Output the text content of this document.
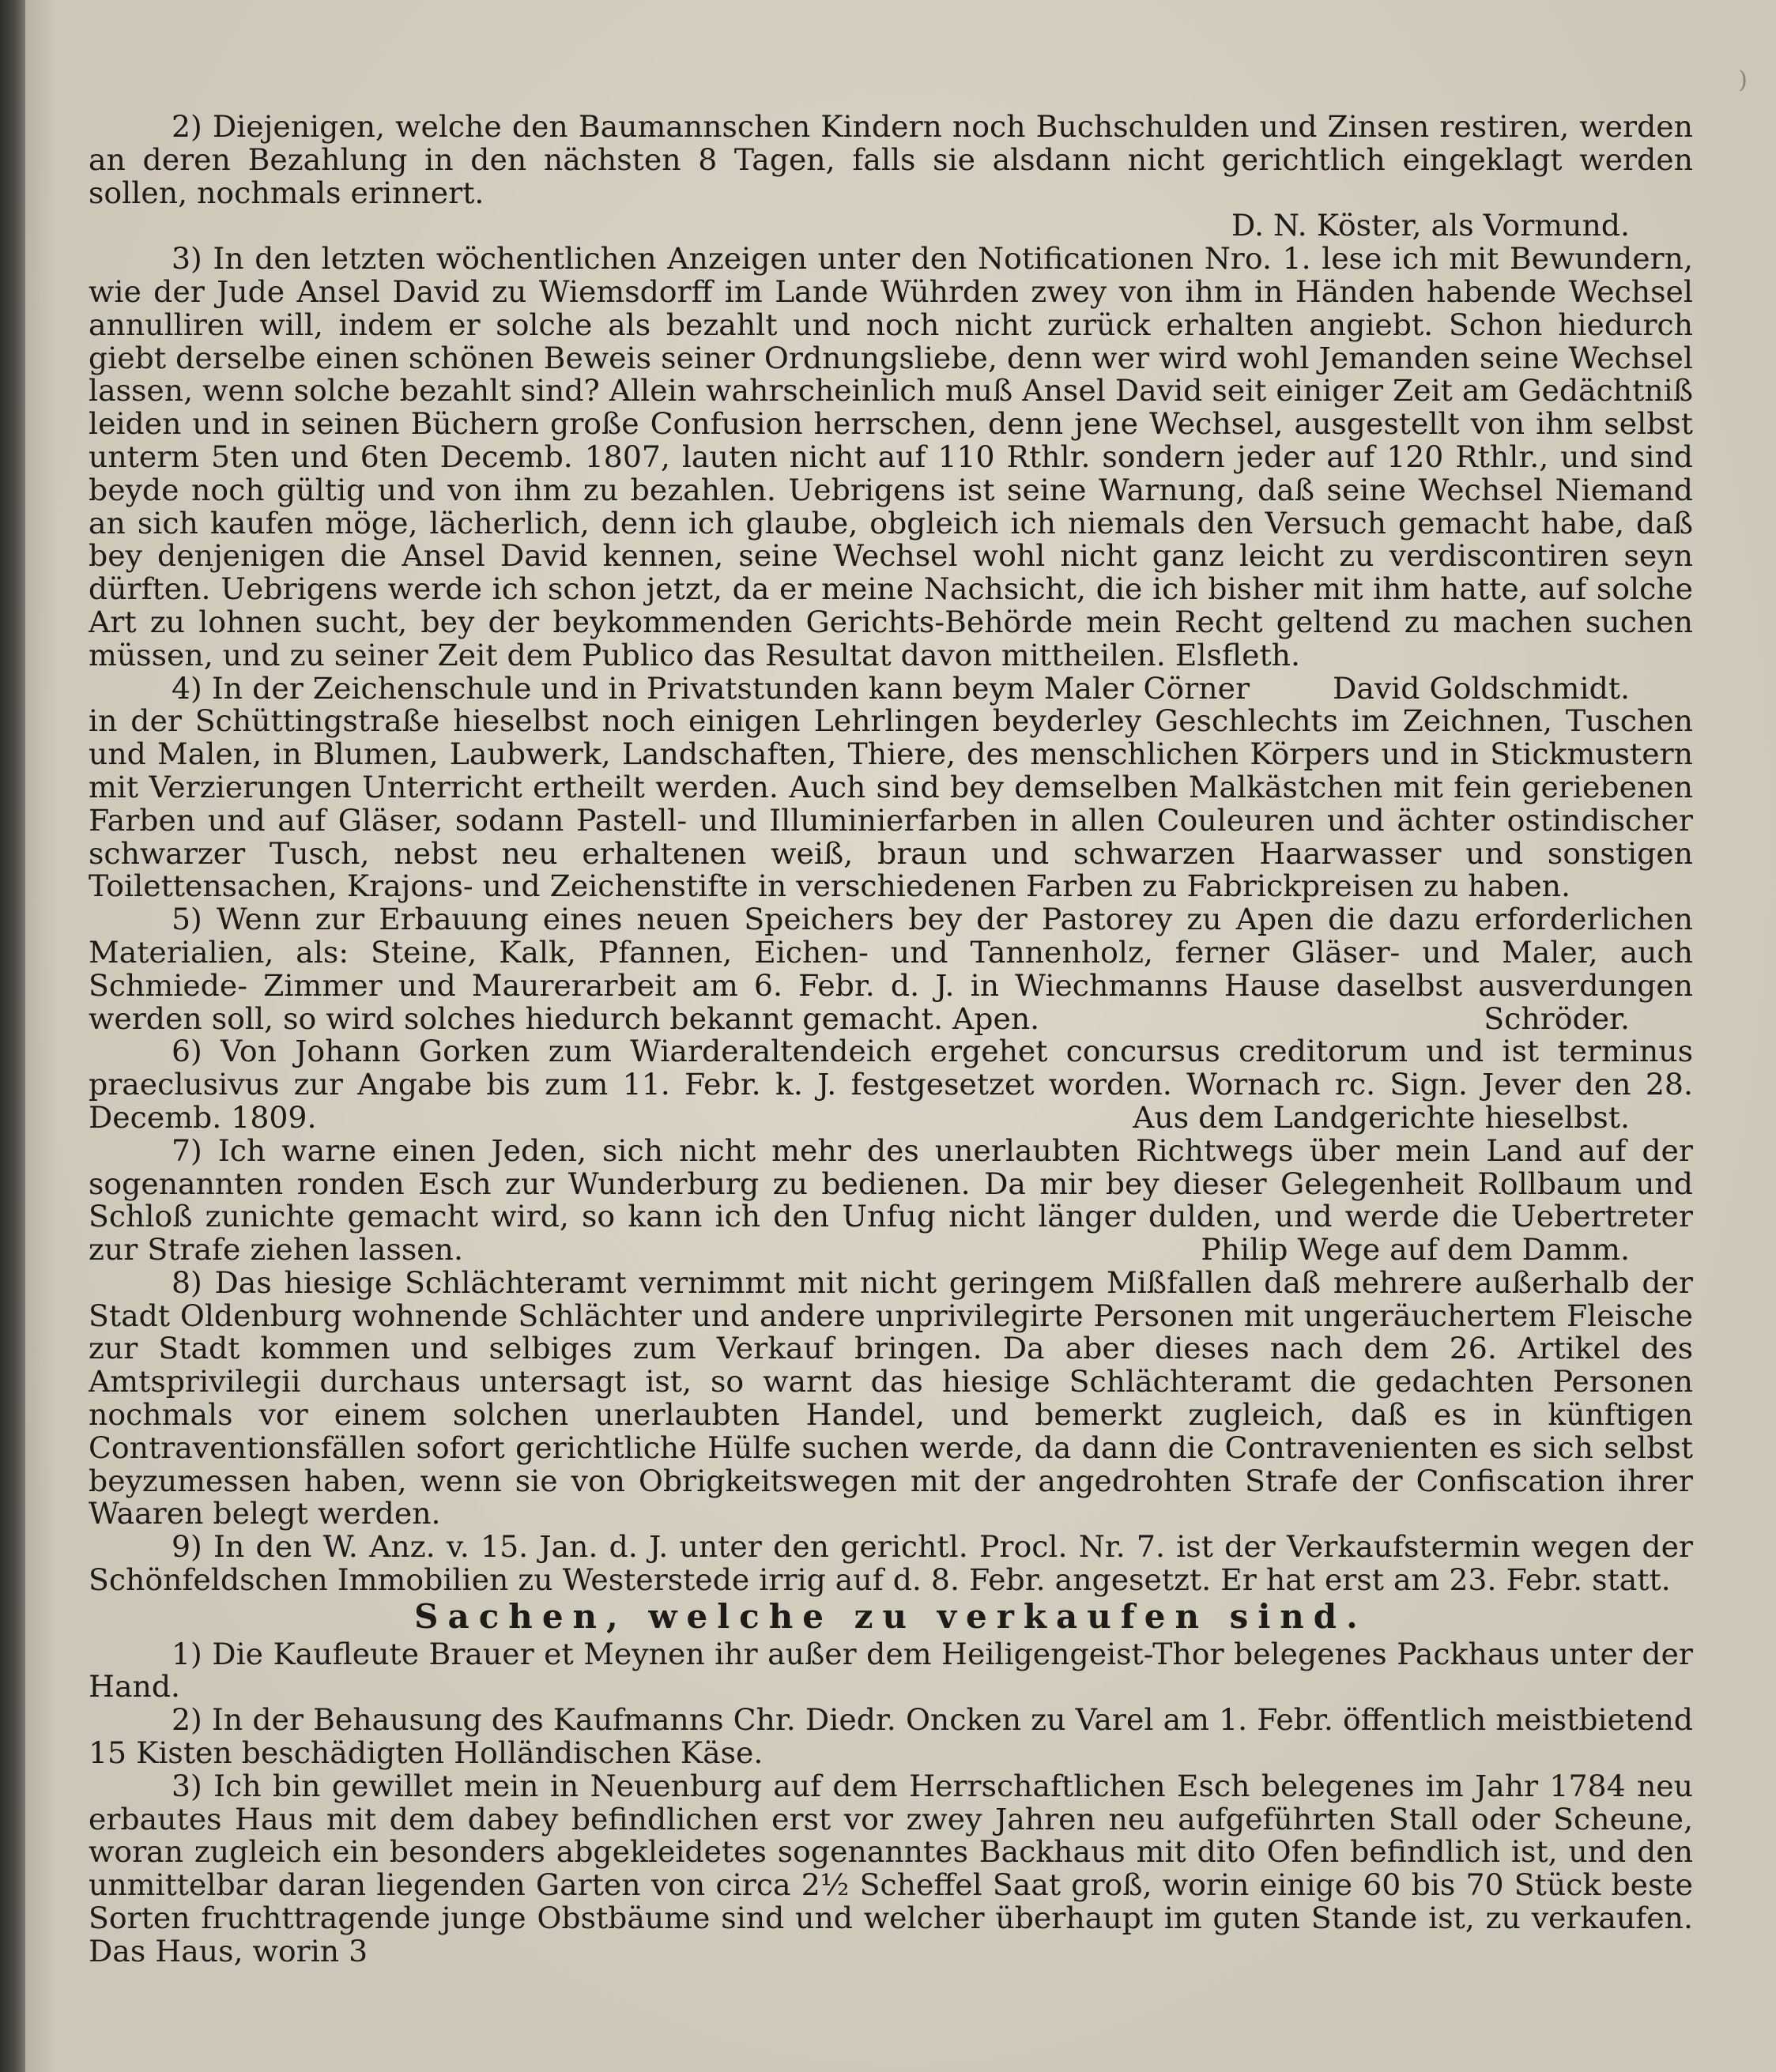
)

2) Diejenigen, welche den Baumannschen Kindern noch Buchschulden und Zinsen restiren, werden an deren Bezahlung in den nächsten 8 Tagen, falls sie alsdann nicht gerichtlich eingeklagt werden sollen, nochmals erinnert.
D. N. Köster, als Vormund.

3) In den letzten wöchentlichen Anzeigen unter den Notificationen Nro. 1. lese ich mit Bewundern, wie der Jude Ansel David zu Wiemsdorff im Lande Wührden zwey von ihm in Händen habende Wechsel annulliren will, indem er solche als bezahlt und noch nicht zurück erhalten angiebt. Schon hiedurch giebt derselbe einen schönen Beweis seiner Ordnungsliebe, denn wer wird wohl Jemanden seine Wechsel lassen, wenn solche bezahlt sind? Allein wahrscheinlich muß Ansel David seit einiger Zeit am Gedächtniß leiden und in seinen Büchern große Confusion herrschen, denn jene Wechsel, ausgestellt von ihm selbst unterm 5ten und 6ten Decemb. 1807, lauten nicht auf 110 Rthlr. sondern jeder auf 120 Rthlr., und sind beyde noch gültig und von ihm zu bezahlen. Uebrigens ist seine Warnung, daß seine Wechsel Niemand an sich kaufen möge, lächerlich, denn ich glaube, obgleich ich niemals den Versuch gemacht habe, daß bey denjenigen die Ansel David kennen, seine Wechsel wohl nicht ganz leicht zu verdiscontiren seyn dürften. Uebrigens werde ich schon jetzt, da er meine Nachsicht, die ich bisher mit ihm hatte, auf solche Art zu lohnen sucht, bey der beykommenden Gerichts-Behörde mein Recht geltend zu machen suchen müssen, und zu seiner Zeit dem Publico das Resultat davon mittheilen. Elsfleth.
David Goldschmidt.

4) In der Zeichenschule und in Privatstunden kann beym Maler Cörner in der Schüttingstraße hieselbst noch einigen Lehrlingen beyderley Geschlechts im Zeichnen, Tuschen und Malen, in Blumen, Laubwerk, Landschaften, Thiere, des menschlichen Körpers und in Stickmustern mit Verzierungen Unterricht ertheilt werden. Auch sind bey demselben Malkästchen mit fein geriebenen Farben und auf Gläser, sodann Pastell- und Illuminierfarben in allen Couleuren und ächter ostindischer schwarzer Tusch, nebst neu erhaltenen weiß, braun und schwarzen Haarwasser und sonstigen Toilettensachen, Krajons- und Zeichenstifte in verschiedenen Farben zu Fabrickpreisen zu haben.

5) Wenn zur Erbauung eines neuen Speichers bey der Pastorey zu Apen die dazu erforderlichen Materialien, als: Steine, Kalk, Pfannen, Eichen- und Tannenholz, ferner Gläser- und Maler, auch Schmiede- Zimmer und Maurerarbeit am 6. Febr. d. J. in Wiechmanns Hause daselbst ausverdungen werden soll, so wird solches hiedurch bekannt gemacht. Apen.	Schröder.

6) Von Johann Gorken zum Wiarderaltendeich ergehet concursus creditorum und ist terminus praeclusivus zur Angabe bis zum 11. Febr. k. J. festgesetzet worden. Wornach rc. Sign. Jever den 28. Decemb. 1809.	Aus dem Landgerichte hieselbst.

7) Ich warne einen Jeden, sich nicht mehr des unerlaubten Richtwegs über mein Land auf der sogenannten ronden Esch zur Wunderburg zu bedienen. Da mir bey dieser Gelegenheit Rollbaum und Schloß zunichte gemacht wird, so kann ich den Unfug nicht länger dulden, und werde die Uebertreter zur Strafe ziehen lassen.	Philip Wege auf dem Damm.

8) Das hiesige Schlächteramt vernimmt mit nicht geringem Mißfallen daß mehrere außerhalb der Stadt Oldenburg wohnende Schlächter und andere unprivilegirte Personen mit ungeräuchertem Fleische zur Stadt kommen und selbiges zum Verkauf bringen. Da aber dieses nach dem 26. Artikel des Amtsprivilegii durchaus untersagt ist, so warnt das hiesige Schlächteramt die gedachten Personen nochmals vor einem solchen unerlaubten Handel, und bemerkt zugleich, daß es in künftigen Contraventionsfällen sofort gerichtliche Hülfe suchen werde, da dann die Contravenienten es sich selbst beyzumessen haben, wenn sie von Obrigkeitswegen mit der angedrohten Strafe der Confiscation ihrer Waaren belegt werden.

9) In den W. Anz. v. 15. Jan. d. J. unter den gerichtl. Procl. Nr. 7. ist der Verkaufstermin wegen der Schönfeldschen Immobilien zu Westerstede irrig auf d. 8. Febr. angesetzt. Er hat erst am 23. Febr. statt.

Sachen, welche zu verkaufen sind.

1) Die Kaufleute Brauer et Meynen ihr außer dem Heiligengeist-Thor belegenes Packhaus unter der Hand.

2) In der Behausung des Kaufmanns Chr. Diedr. Oncken zu Varel am 1. Febr. öffentlich meistbietend 15 Kisten beschädigten Holländischen Käse.

3) Ich bin gewillet mein in Neuenburg auf dem Herrschaftlichen Esch belegenes im Jahr 1784 neu erbautes Haus mit dem dabey befindlichen erst vor zwey Jahren neu aufgeführten Stall oder Scheune, woran zugleich ein besonders abgekleidetes sogenanntes Backhaus mit dito Ofen befindlich ist, und den unmittelbar daran liegenden Garten von circa 2½ Scheffel Saat groß, worin einige 60 bis 70 Stück beste Sorten fruchttragende junge Obstbäume sind und welcher überhaupt im guten Stande ist, zu verkaufen. Das Haus, worin 3
